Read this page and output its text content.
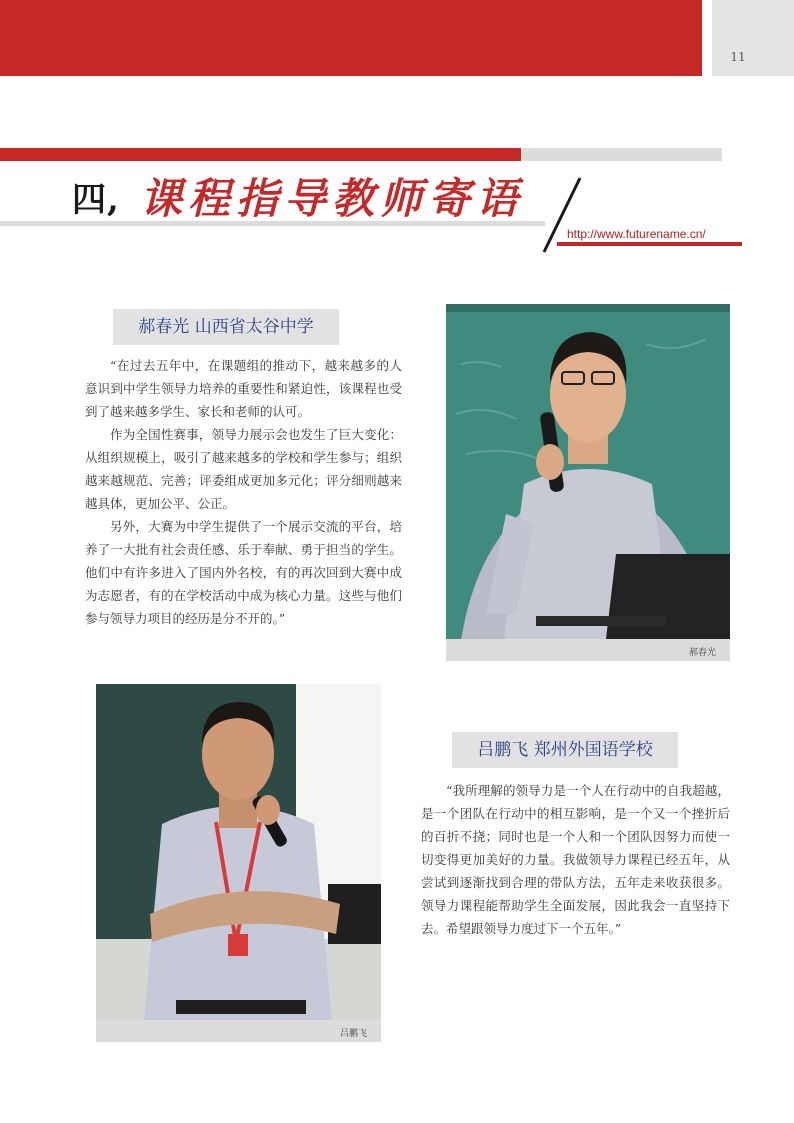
11
四, 课程指导教师寄语
http://www.futurename.cn/
郝春光 山西省太谷中学

“在过去五年中，在课题组的推动下，越来越多的人意识到中学生领导力培养的重要性和紧迫性，该课程也受到了越来越多学生、家长和老师的认可。

作为全国性赛事，领导力展示会也发生了巨大变化：从组织规模上，吸引了越来越多的学校和学生参与；组织越来越规范、完善；评委组成更加多元化；评分细则越来越具体，更加公平、公正。

另外，大赛为中学生提供了一个展示交流的平台，培养了一大批有社会责任感、乐于奉献、勇于担当的学生。他们中有许多进入了国内外名校，有的再次回到大赛中成为志愿者，有的在学校活动中成为核心力量。这些与他们参与领导力项目的经历是分不开的。”

郝春光
吕鹏飞
吕鹏飞 郑州外国语学校

“我所理解的领导力是一个人在行动中的自我超越，是一个团队在行动中的相互影响，是一个又一个挫折后的百折不挠；同时也是一个人和一个团队因努力而使一切变得更加美好的力量。我做领导力课程已经五年，从尝试到逐渐找到合理的带队方法，五年走来收获很多。领导力课程能帮助学生全面发展，因此我会一直坚持下去。希望跟领导力度过下一个五年。”
